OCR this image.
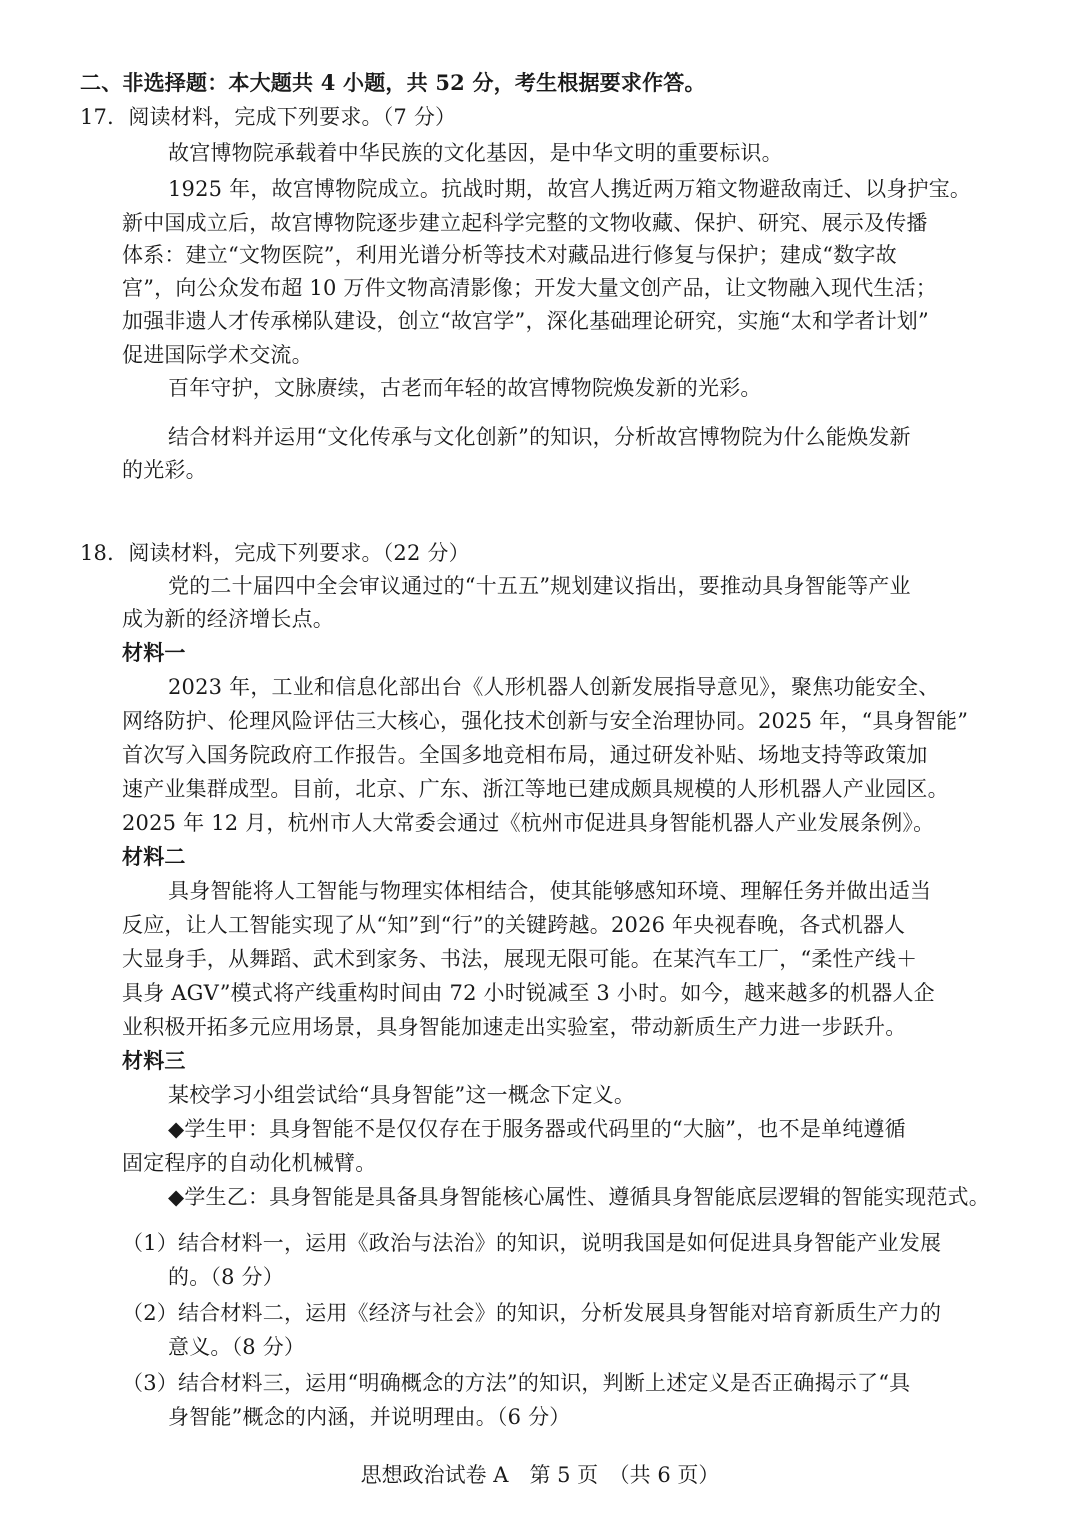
二、非选择题：本大题共 4 小题，共 52 分，考生根据要求作答。
17．阅读材料，完成下列要求。（7 分）
故宫博物院承载着中华民族的文化基因，是中华文明的重要标识。
1925 年，故宫博物院成立。抗战时期，故宫人携近两万箱文物避敌南迁、以身护宝。
新中国成立后，故宫博物院逐步建立起科学完整的文物收藏、保护、研究、展示及传播
体系：建立“文物医院”，利用光谱分析等技术对藏品进行修复与保护；建成“数字故
宫”，向公众发布超 10 万件文物高清影像；开发大量文创产品，让文物融入现代生活；
加强非遗人才传承梯队建设，创立“故宫学”，深化基础理论研究，实施“太和学者计划”
促进国际学术交流。
百年守护，文脉赓续，古老而年轻的故宫博物院焕发新的光彩。
结合材料并运用“文化传承与文化创新”的知识，分析故宫博物院为什么能焕发新
的光彩。
18．阅读材料，完成下列要求。（22 分）
党的二十届四中全会审议通过的“十五五”规划建议指出，要推动具身智能等产业
成为新的经济增长点。
材料一
2023 年，工业和信息化部出台《人形机器人创新发展指导意见》，聚焦功能安全、
网络防护、伦理风险评估三大核心，强化技术创新与安全治理协同。2025 年，“具身智能”
首次写入国务院政府工作报告。全国多地竞相布局，通过研发补贴、场地支持等政策加
速产业集群成型。目前，北京、广东、浙江等地已建成颇具规模的人形机器人产业园区。
2025 年 12 月，杭州市人大常委会通过《杭州市促进具身智能机器人产业发展条例》。
材料二
具身智能将人工智能与物理实体相结合，使其能够感知环境、理解任务并做出适当
反应，让人工智能实现了从“知”到“行”的关键跨越。2026 年央视春晚，各式机器人
大显身手，从舞蹈、武术到家务、书法，展现无限可能。在某汽车工厂，“柔性产线＋
具身 AGV”模式将产线重构时间由 72 小时锐减至 3 小时。如今，越来越多的机器人企
业积极开拓多元应用场景，具身智能加速走出实验室，带动新质生产力进一步跃升。
材料三
某校学习小组尝试给“具身智能”这一概念下定义。
◆学生甲：具身智能不是仅仅存在于服务器或代码里的“大脑”，也不是单纯遵循
固定程序的自动化机械臂。
◆学生乙：具身智能是具备具身智能核心属性、遵循具身智能底层逻辑的智能实现范式。
（1）结合材料一，运用《政治与法治》的知识，说明我国是如何促进具身智能产业发展
的。（8 分）
（2）结合材料二，运用《经济与社会》的知识，分析发展具身智能对培育新质生产力的
意义。（8 分）
（3）结合材料三，运用“明确概念的方法”的知识，判断上述定义是否正确揭示了“具
身智能”概念的内涵，并说明理由。（6 分）
思想政治试卷 A　第 5 页　（共 6 页）
